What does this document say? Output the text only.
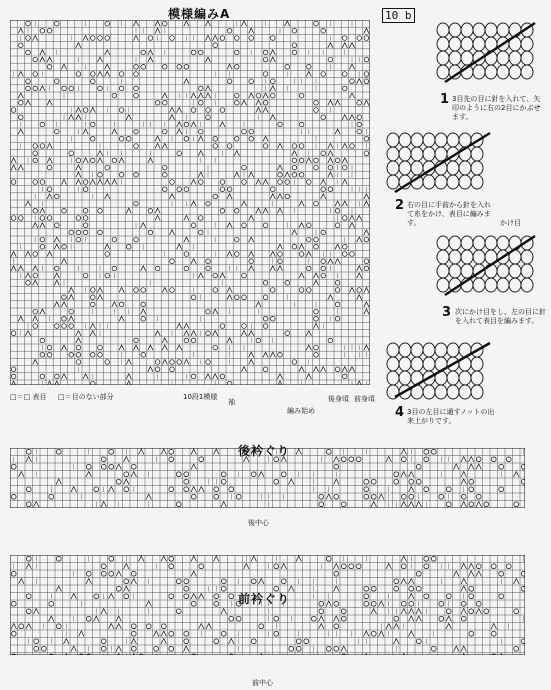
模様編みA
□＝□ 表目 □＝目のない部分	10段1模様
袖
編み始め
後身頃 前身頃
10 b
1 3目先の目に針を入れて、矢印のように右の2目にかぶせます。
2 右の目に手前から針を入れて糸をかけ、表目に編みます。	かけ目
3 次にかけ目をし、左の目に針を入れて表目を編みます。
4 3目の左目に通すノットの出来上がりです。
後衿ぐり
後中心
前衿ぐり
前中心
